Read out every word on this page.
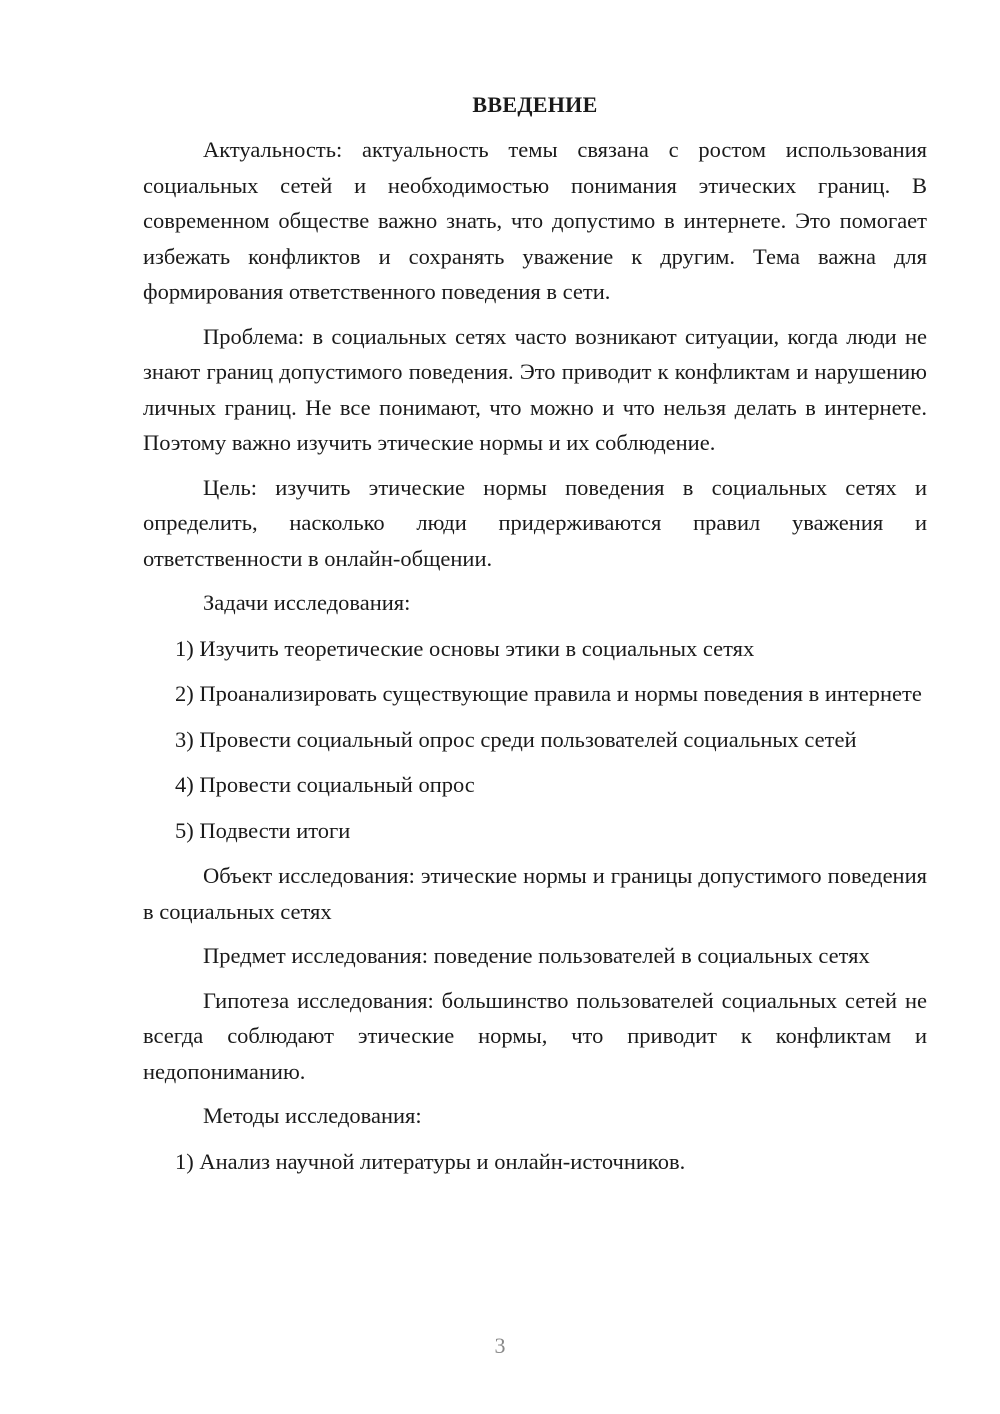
ВВЕДЕНИЕ

Актуальность: актуальность темы связана с ростом использования социальных сетей и необходимостью понимания этических границ. В современном обществе важно знать, что допустимо в интернете. Это помогает избежать конфликтов и сохранять уважение к другим. Тема важна для формирования ответственного поведения в сети.

Проблема: в социальных сетях часто возникают ситуации, когда люди не знают границ допустимого поведения. Это приводит к конфликтам и нарушению личных границ. Не все понимают, что можно и что нельзя делать в интернете. Поэтому важно изучить этические нормы и их соблюдение.

Цель: изучить этические нормы поведения в социальных сетях и определить, насколько люди придерживаются правил уважения и ответственности в онлайн-общении.

Задачи исследования:

1) Изучить теоретические основы этики в социальных сетях

2) Проанализировать существующие правила и нормы поведения в интернете

3) Провести социальный опрос среди пользователей социальных сетей

4) Провести социальный опрос

5) Подвести итоги

Объект исследования: этические нормы и границы допустимого поведения в социальных сетях

Предмет исследования: поведение пользователей в социальных сетях

Гипотеза исследования: большинство пользователей социальных сетей не всегда соблюдают этические нормы, что приводит к конфликтам и недопониманию.

Методы исследования:

1) Анализ научной литературы и онлайн-источников.

3
